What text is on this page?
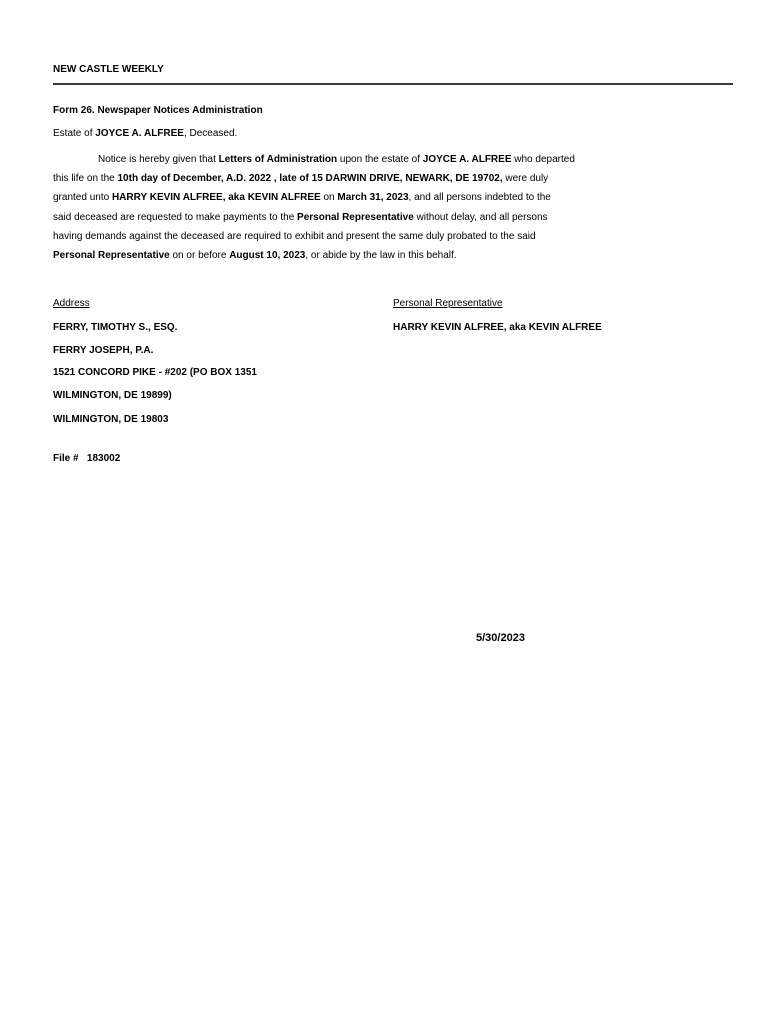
NEW CASTLE WEEKLY
Form 26. Newspaper Notices Administration
Estate of JOYCE A. ALFREE, Deceased.
Notice is hereby given that Letters of Administration upon the estate of JOYCE A. ALFREE who departed
this life on the 10th day of December, A.D. 2022 , late of 15 DARWIN DRIVE, NEWARK, DE 19702, were duly
granted unto HARRY KEVIN ALFREE, aka KEVIN ALFREE on March 31, 2023, and all persons indebted to the
said deceased are requested to make payments to the Personal Representative without delay, and all persons
having demands against the deceased are required to exhibit and present the same duly probated to the said
Personal Representative on or before August 10, 2023, or abide by the law in this behalf.
Address	Personal Representative
FERRY, TIMOTHY S., ESQ.
FERRY JOSEPH, P.A.
1521 CONCORD PIKE - #202 (PO BOX 1351
WILMINGTON, DE 19899)
WILMINGTON, DE 19803
HARRY KEVIN ALFREE, aka KEVIN ALFREE
File # 183002
5/30/2023
